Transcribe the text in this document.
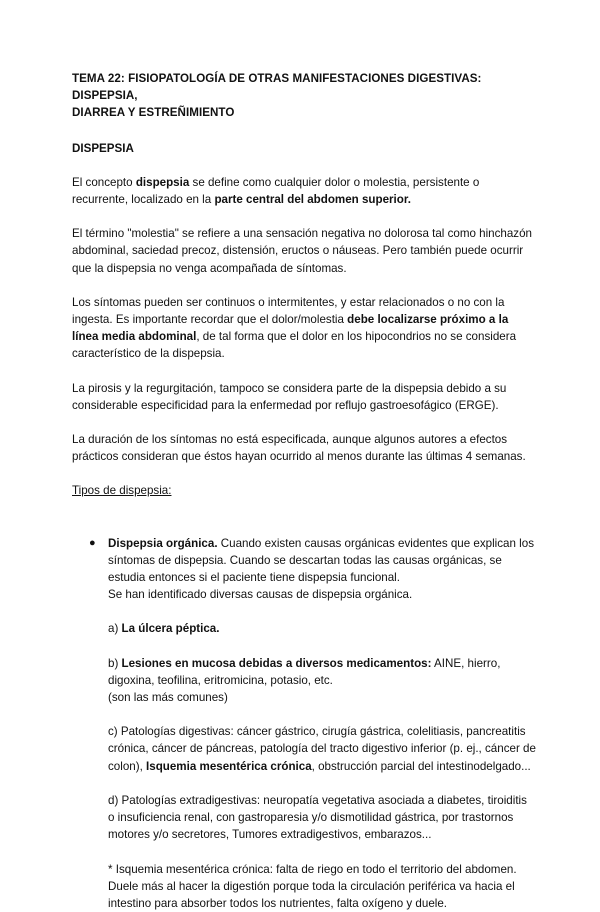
TEMA 22: FISIOPATOLOGÍA DE OTRAS MANIFESTACIONES DIGESTIVAS: DISPEPSIA,
DIARREA Y ESTREÑIMIENTO
DISPEPSIA

El concepto dispepsia se define como cualquier dolor o molestia, persistente o recurrente, localizado en la parte central del abdomen superior.

El término "molestia" se refiere a una sensación negativa no dolorosa tal como hinchazón abdominal, saciedad precoz, distensión, eructos o náuseas. Pero también puede ocurrir que la dispepsia no venga acompañada de síntomas.

Los síntomas pueden ser continuos o intermitentes, y estar relacionados o no con la ingesta. Es importante recordar que el dolor/molestia debe localizarse próximo a la línea media abdominal, de tal forma que el dolor en los hipocondrios no se considera característico de la dispepsia.

La pirosis y la regurgitación, tampoco se considera parte de la dispepsia debido a su considerable especificidad para la enfermedad por reflujo gastroesofágico (ERGE).

La duración de los síntomas no está especificada, aunque algunos autores a efectos prácticos consideran que éstos hayan ocurrido al menos durante las últimas 4 semanas.

Tipos de dispepsia:

● Dispepsia orgánica. Cuando existen causas orgánicas evidentes que explican los síntomas de dispepsia. Cuando se descartan todas las causas orgánicas, se estudia entonces si el paciente tiene dispepsia funcional.
Se han identificado diversas causas de dispepsia orgánica.
a) La úlcera péptica.
b) Lesiones en mucosa debidas a diversos medicamentos: AINE, hierro, digoxina, teofilina, eritromicina, potasio, etc.
(son las más comunes)
c) Patologías digestivas: cáncer gástrico, cirugía gástrica, colelitiasis, pancreatitis crónica, cáncer de páncreas, patología del tracto digestivo inferior (p. ej., cáncer de colon), Isquemia mesentérica crónica, obstrucción parcial del intestinodelgado...
d) Patologías extradigestivas: neuropatía vegetativa asociada a diabetes, tiroiditis o insuficiencia renal, con gastroparesia y/o dismotilidad gástrica, por trastornos motores y/o secretores, Tumores extradigestivos, embarazos...
* Isquemia mesentérica crónica: falta de riego en todo el territorio del abdomen. Duele más al hacer la digestión porque toda la circulación periférica va hacia el intestino para absorber todos los nutrientes, falta oxígeno y duele.
